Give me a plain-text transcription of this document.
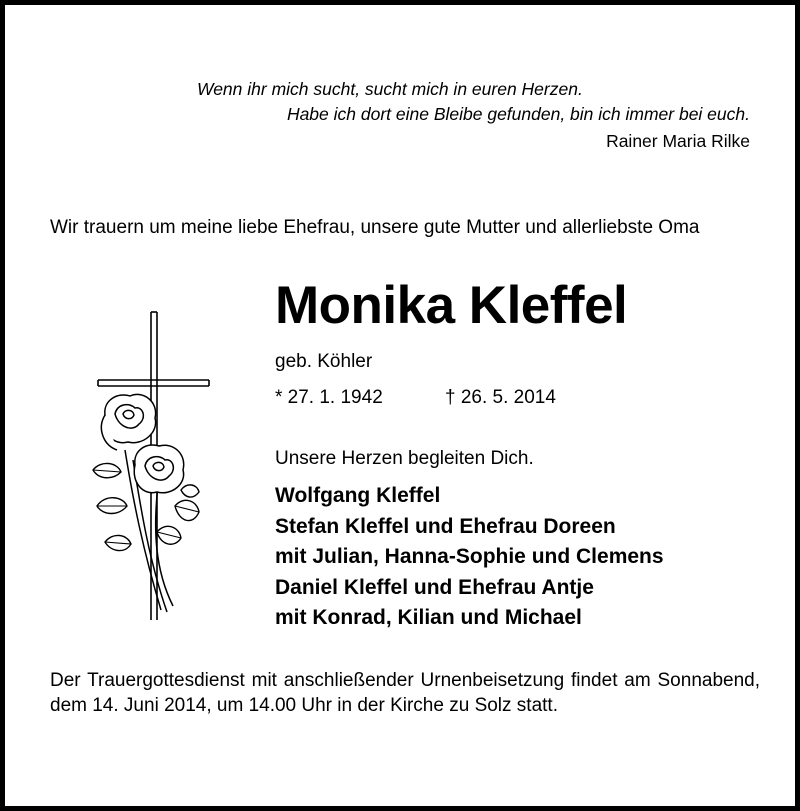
Wenn ihr mich sucht, sucht mich in euren Herzen.
Habe ich dort eine Bleibe gefunden, bin ich immer bei euch.
Rainer Maria Rilke
Wir trauern um meine liebe Ehefrau, unsere gute Mutter und allerliebste Oma
Monika Kleffel
geb. Köhler
* 27. 1. 1942	† 26. 5. 2014
Unsere Herzen begleiten Dich.
Wolfgang Kleffel
Stefan Kleffel und Ehefrau Doreen
mit Julian, Hanna-Sophie und Clemens
Daniel Kleffel und Ehefrau Antje
mit Konrad, Kilian und Michael
Der Trauergottesdienst mit anschließender Urnenbeisetzung findet am Sonnabend, dem 14. Juni 2014, um 14.00 Uhr in der Kirche zu Solz statt.
